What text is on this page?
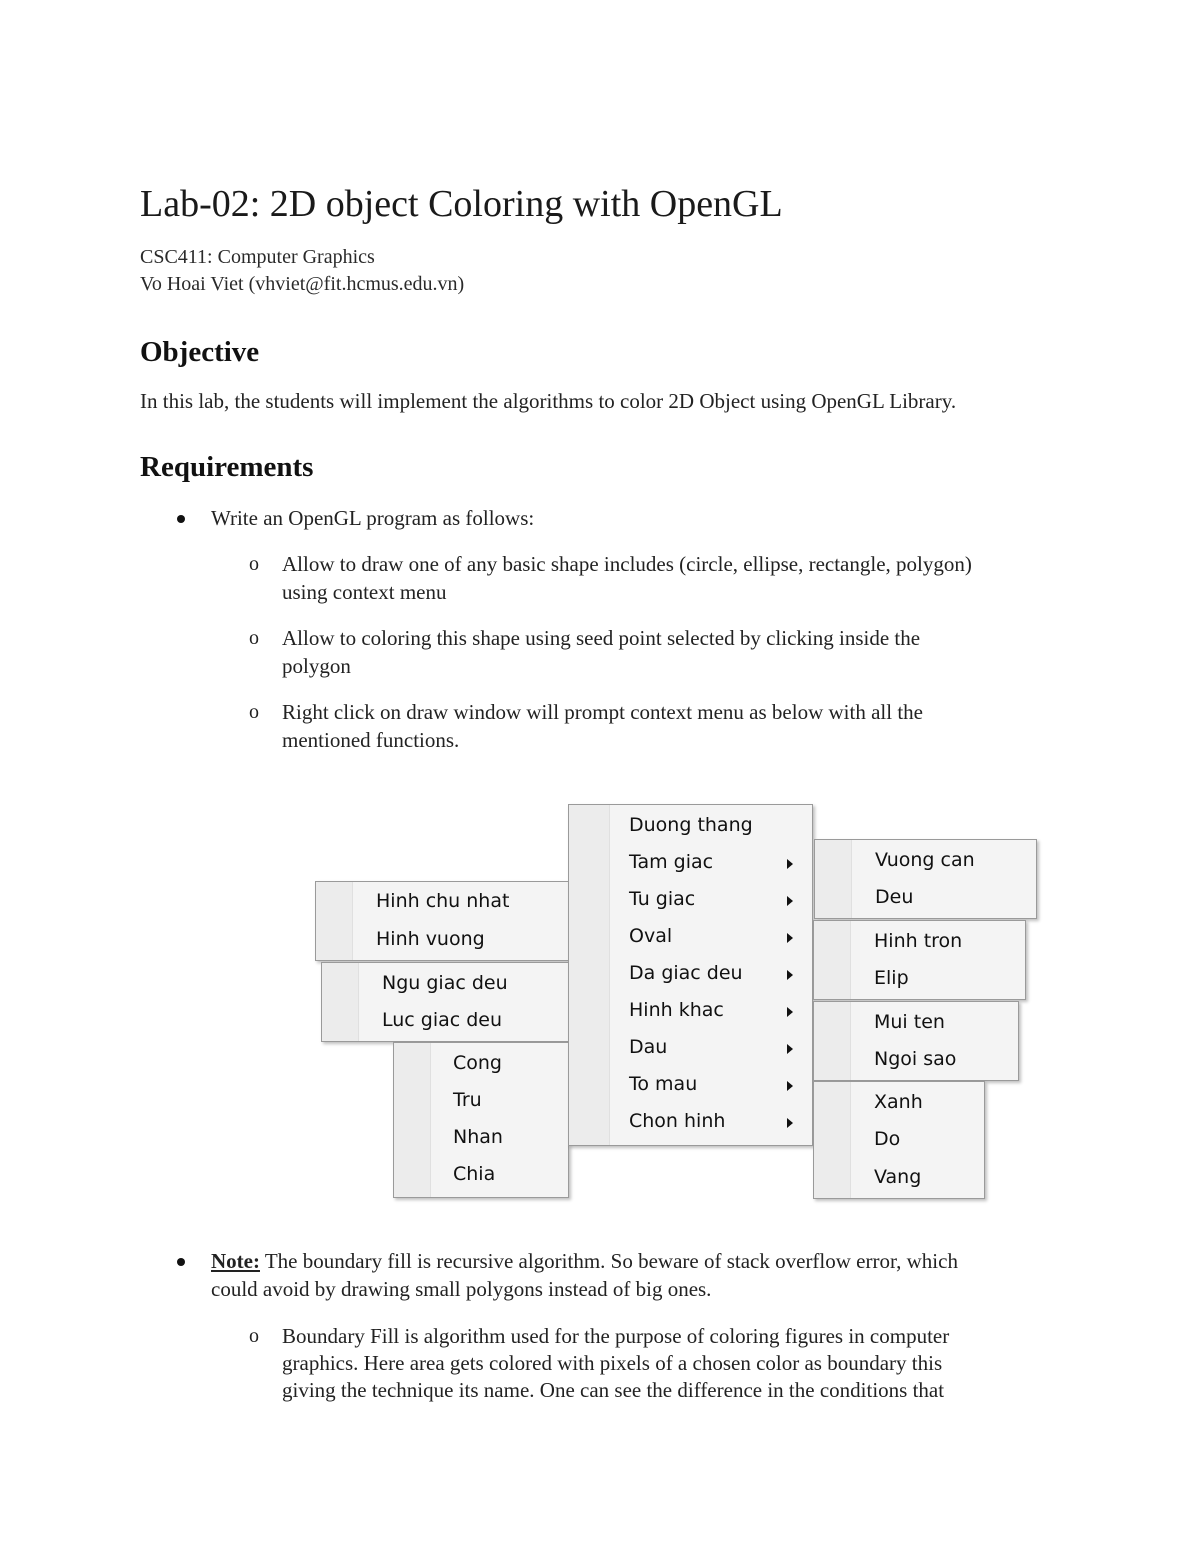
Lab-02: 2D object Coloring with OpenGL
CSC411: Computer Graphics
Vo Hoai Viet (vhviet@fit.hcmus.edu.vn)
Objective
In this lab, the students will implement the algorithms to color 2D Object using OpenGL Library.
Requirements
Write an OpenGL program as follows:
o Allow to draw one of any basic shape includes (circle, ellipse, rectangle, polygon)
using context menu
o Allow to coloring this shape using seed point selected by clicking inside the
polygon
o Right click on draw window will prompt context menu as below with all the
mentioned functions.
Hinh chu nhat
Hinh vuong
Ngu giac deu
Luc giac deu
Cong
Tru
Nhan
Chia
Duong thang
Tam giac
Tu giac
Oval
Da giac deu
Hinh khac
Dau
To mau
Chon hinh
Vuong can
Deu
Hinh tron
Elip
Mui ten
Ngoi sao
Xanh
Do
Vang
Note: The boundary fill is recursive algorithm. So beware of stack overflow error, which
could avoid by drawing small polygons instead of big ones.
o Boundary Fill is algorithm used for the purpose of coloring figures in computer
graphics. Here area gets colored with pixels of a chosen color as boundary this
giving the technique its name. One can see the difference in the conditions that
